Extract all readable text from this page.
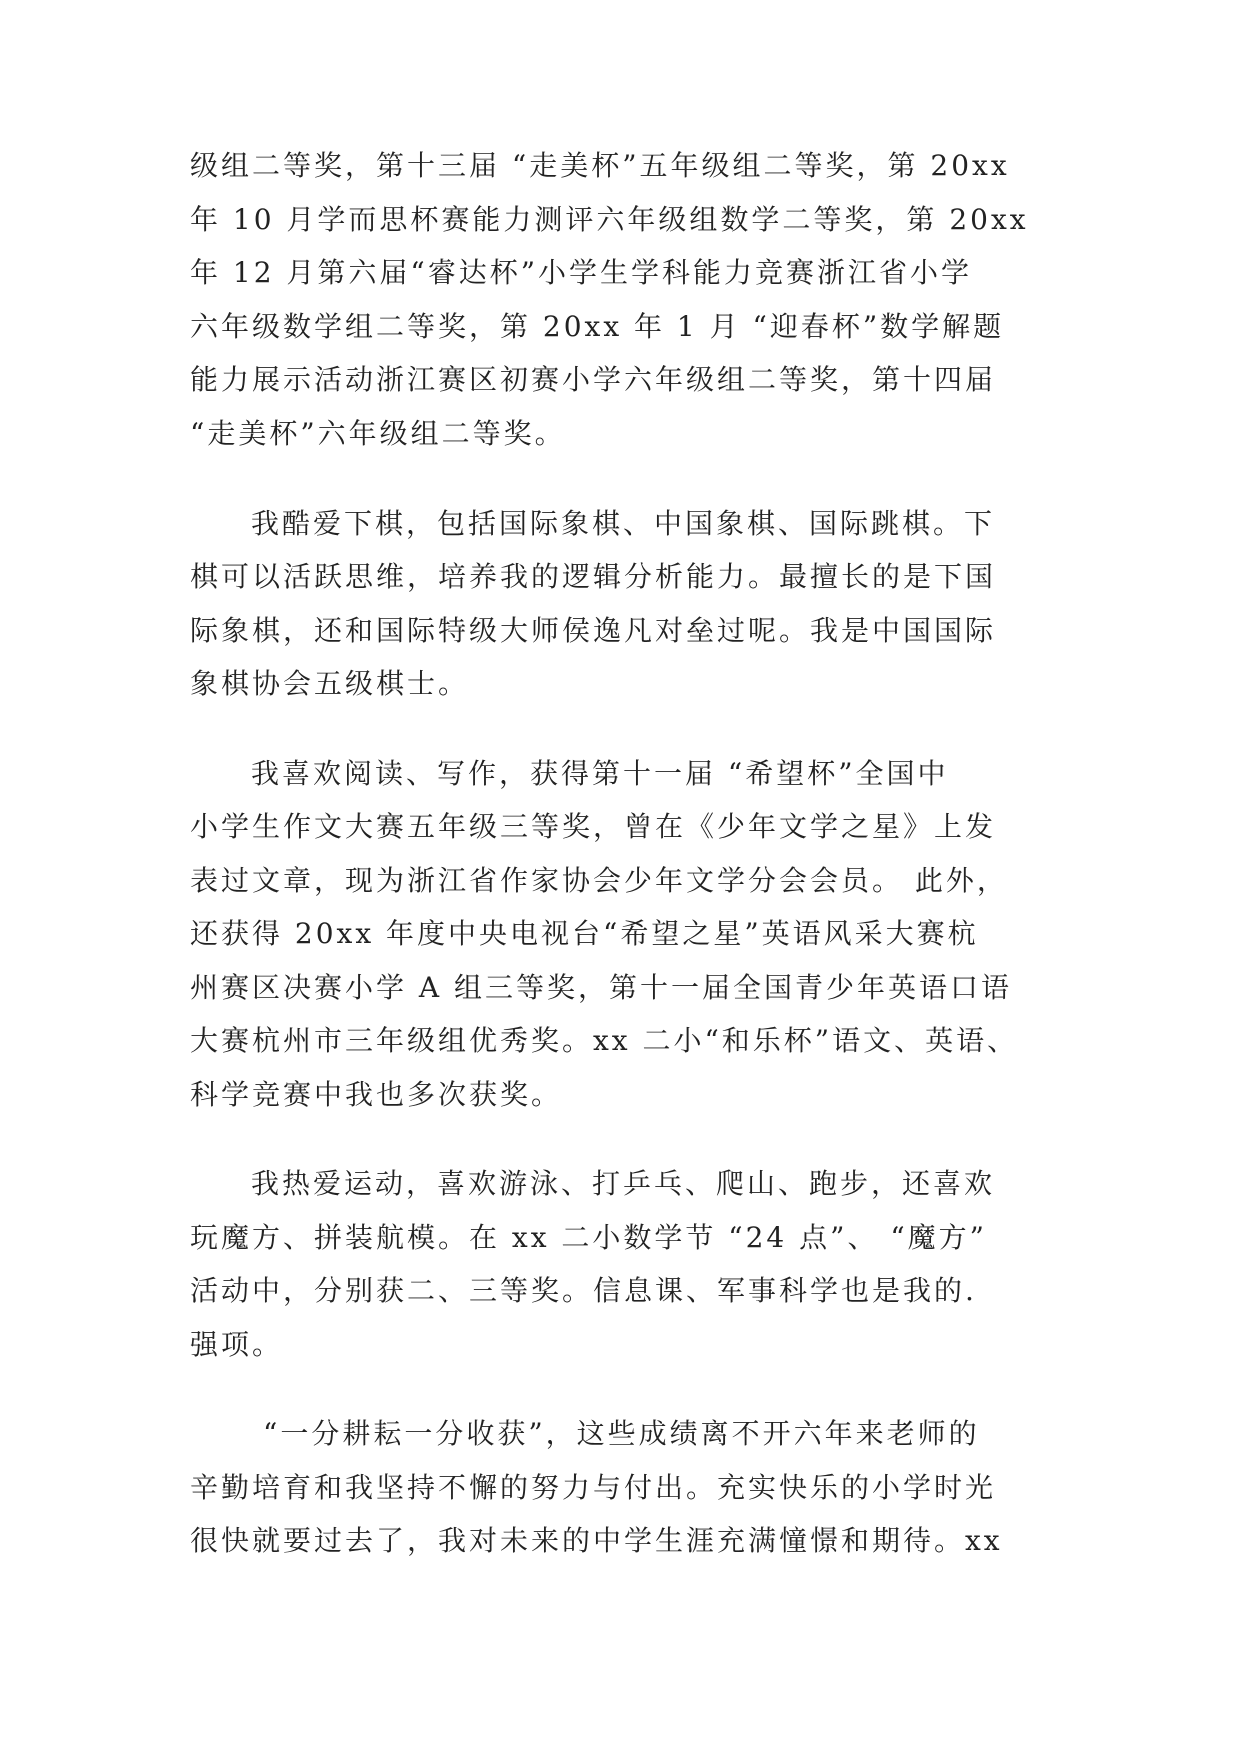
级组二等奖，第十三届 “走美杯”五年级组二等奖，第 20xx

年 10 月学而思杯赛能力测评六年级组数学二等奖，第 20xx

年 12 月第六届“睿达杯”小学生学科能力竞赛浙江省小学

六年级数学组二等奖，第 20xx 年 1 月 “迎春杯”数学解题

能力展示活动浙江赛区初赛小学六年级组二等奖，第十四届

“走美杯”六年级组二等奖。

我酷爱下棋，包括国际象棋、中国象棋、国际跳棋。下

棋可以活跃思维，培养我的逻辑分析能力。最擅长的是下国

际象棋，还和国际特级大师侯逸凡对垒过呢。我是中国国际

象棋协会五级棋士。

我喜欢阅读、写作，获得第十一届 “希望杯”全国中

小学生作文大赛五年级三等奖，曾在《少年文学之星》上发

表过文章，现为浙江省作家协会少年文学分会会员。 此外，

还获得 20xx 年度中央电视台“希望之星”英语风采大赛杭

州赛区决赛小学 A 组三等奖，第十一届全国青少年英语口语

大赛杭州市三年级组优秀奖。xx 二小“和乐杯”语文、英语、

科学竞赛中我也多次获奖。

我热爱运动，喜欢游泳、打乒乓、爬山、跑步，还喜欢

玩魔方、拼装航模。在 xx 二小数学节 “24 点”、 “魔方”

活动中，分别获二、三等奖。信息课、军事科学也是我的.

强项。

“一分耕耘一分收获”，这些成绩离不开六年来老师的

辛勤培育和我坚持不懈的努力与付出。充实快乐的小学时光

很快就要过去了，我对未来的中学生涯充满憧憬和期待。xx
